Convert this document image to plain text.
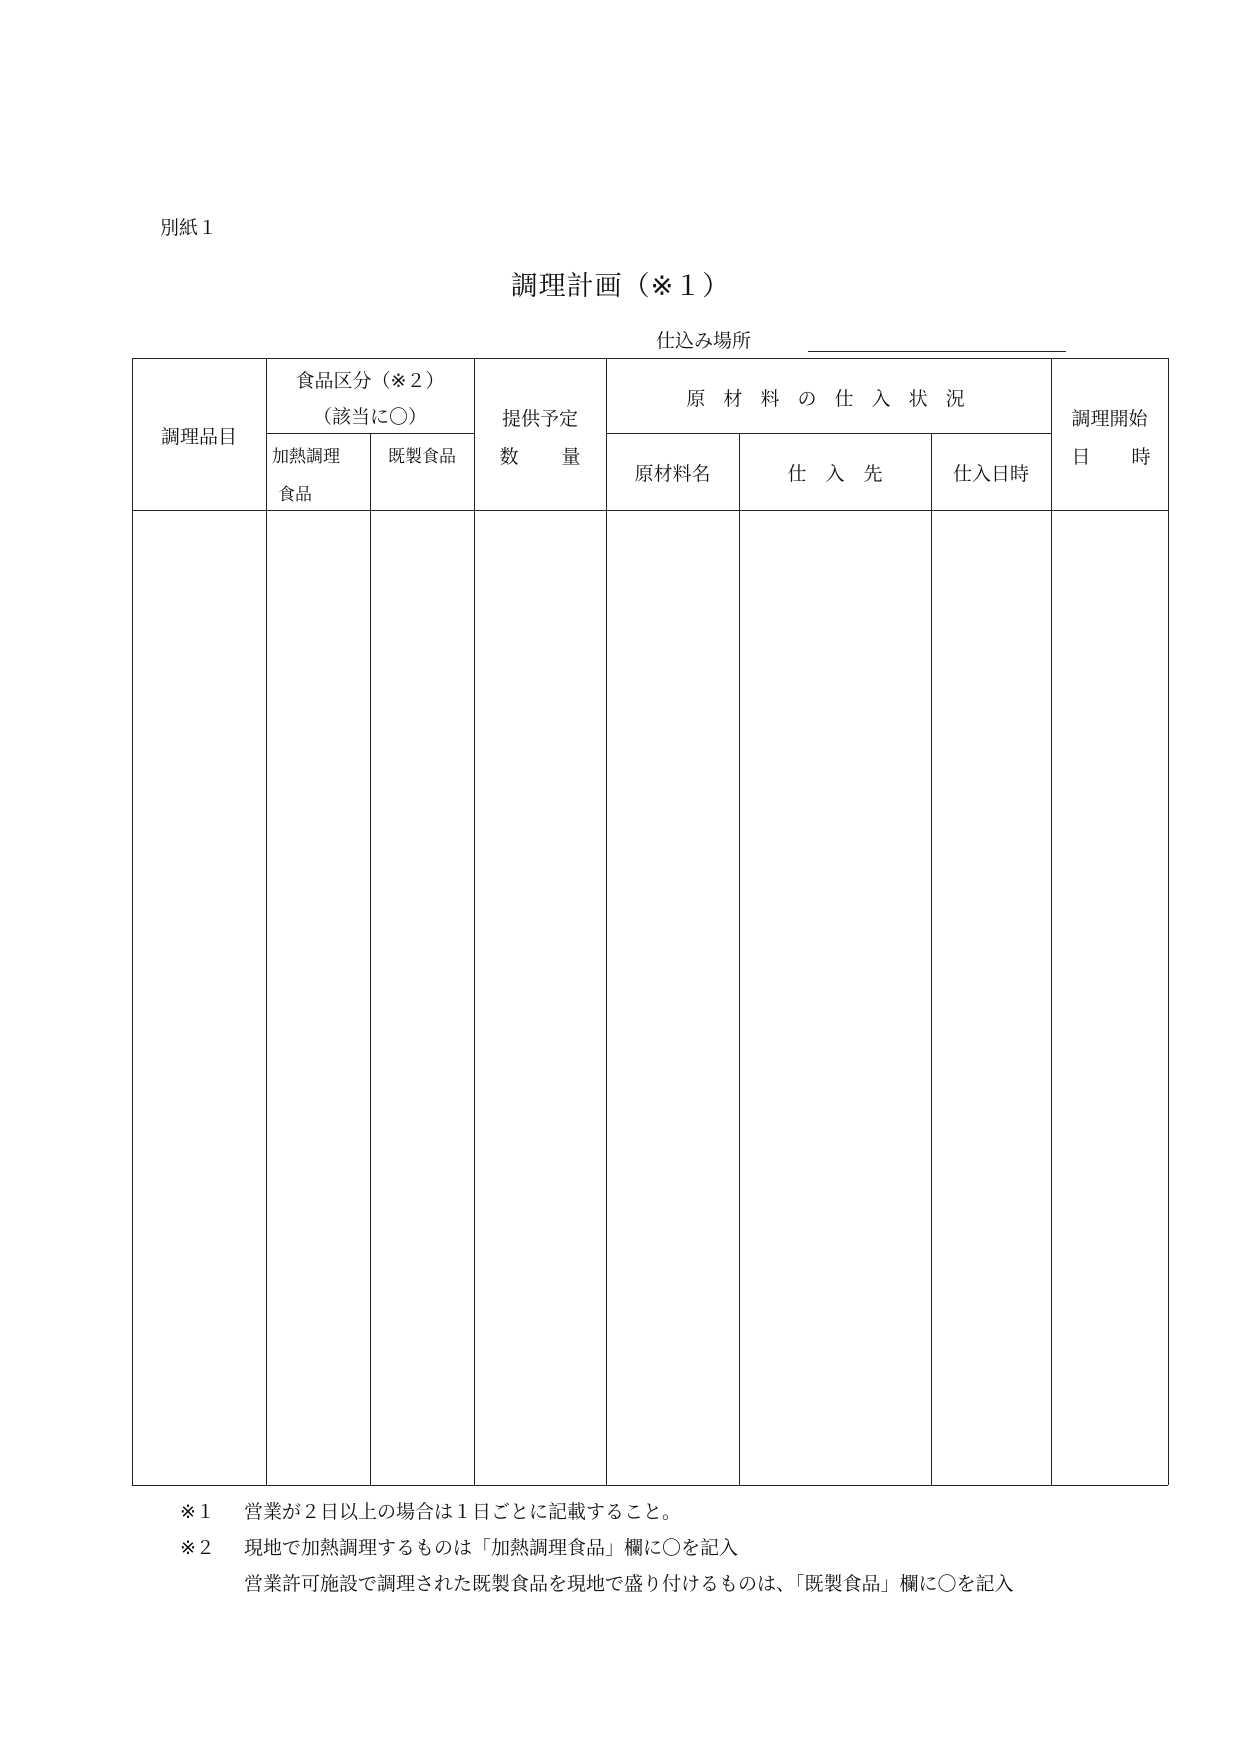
別紙１
調理計画（※１）
仕込み場所
調理品目
食品区分（※２）
（該当に〇）
加熱調理
食品
既製食品
提供予定
数 量
原 材 料 の 仕 入 状 況
原材料名	仕　入　先	仕入日時
調理開始
日 時
※１ 営業が２日以上の場合は１日ごとに記載すること。
※２ 現地で加熱調理するものは「加熱調理食品」欄に〇を記入
営業許可施設で調理された既製食品を現地で盛り付けるものは、「既製食品」欄に〇を記入
